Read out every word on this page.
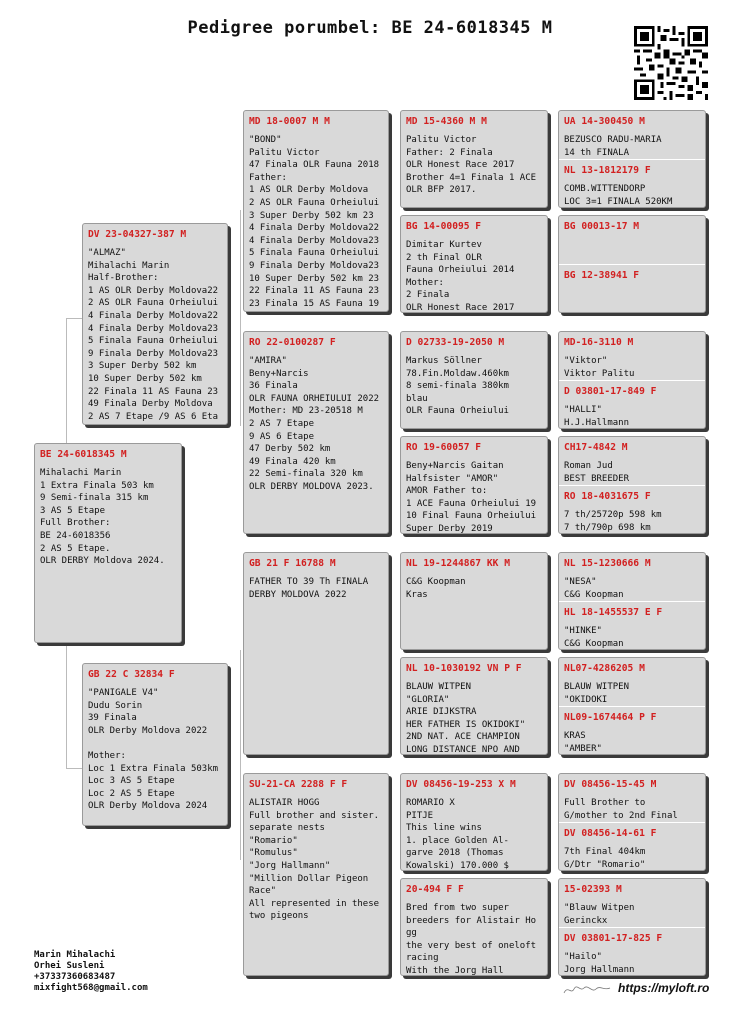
Pedigree porumbel: BE 24-6018345 M
BE 24-6018345 M
Mihalachi Marin
1 Extra Finala 503 km
9 Semi-finala 315 km
3 AS 5 Etape
Full Brother:
BE 24-6018356
2 AS 5 Etape.
OLR DERBY Moldova 2024.
DV 23-04327-387 M
"ALMAZ"
Mihalachi Marin
Half-Brother:
1 AS OLR Derby Moldova22
2 AS OLR Fauna Orheiului
4 Finala Derby Moldova22
4 Finala Derby Moldova23
5 Finala Fauna Orheiului
9 Finala Derby Moldova23
3 Super Derby 502 km
10 Super Derby 502 km
22 Finala 11 AS Fauna 23
49 Finala Derby Moldova
2 AS 7 Etape /9 AS 6 Eta
GB 22 C 32834 F
"PANIGALE V4"
Dudu Sorin
39 Finala
OLR Derby Moldova 2022

Mother:
Loc 1 Extra Finala 503km
Loc 3 AS 5 Etape
Loc 2 AS 5 Etape
OLR Derby Moldova 2024
MD 18-0007 M M
"BOND"
Palitu Victor
47 Finala OLR Fauna 2018
Father:
1 AS OLR Derby Moldova
2 AS OLR Fauna Orheiului
3 Super Derby 502 km 23
4 Finala Derby Moldova22
4 Finala Derby Moldova23
5 Finala Fauna Orheiului
9 Finala Derby Moldova23
10 Super Derby 502 km 23
22 Finala 11 AS Fauna 23
23 Finala 15 AS Fauna 19
RO 22-0100287 F
"AMIRA"
Beny+Narcis
36 Finala
OLR FAUNA ORHEIULUI 2022
Mother: MD 23-20518 M
2 AS 7 Etape
9 AS 6 Etape
47 Derby 502 km
49 Finala 420 km
22 Semi-finala 320 km
OLR DERBY MOLDOVA 2023.
GB 21 F 16788 M
FATHER TO 39 Th FINALA
DERBY MOLDOVA 2022
SU-21-CA 2288 F F
ALISTAIR HOGG
Full brother and sister.
separate nests
"Romario"
"Romulus"
"Jorg Hallmann"
"Million Dollar Pigeon
Race"
All represented in these
two pigeons
MD 15-4360 M M
Palitu Victor
Father: 2 Finala
OLR Honest Race 2017
Brother 4=1 Finala 1 ACE
OLR BFP 2017.
BG 14-00095 F
Dimitar Kurtev
2 th Final OLR
Fauna Orheiului 2014
Mother:
2 Finala
OLR Honest Race 2017
D 02733-19-2050 M
Markus Söllner
78.Fin.Moldaw.460km
8 semi-finala 380km
blau
OLR Fauna Orheiului
RO 19-60057 F
Beny+Narcis Gaitan
Halfsister "AMOR"
AMOR Father to:
1 ACE Fauna Orheiului 19
10 Final Fauna Orheiului
Super Derby 2019
NL 19-1244867 KK M
C&G Koopman
Kras
NL 10-1030192 VN P F
BLAUW WITPEN
"GLORIA"
ARIE DIJKSTRA
HER FATHER IS OKIDOKI"
2ND NAT. ACE CHAMPION
LONG DISTANCE NPO AND
DV 08456-19-253 X M
ROMARIO X
PITJE
This line wins
1. place Golden Al-
garve 2018 (Thomas
Kowalski) 170.000 $
20-494 F F
Bred from two super
breeders for Alistair Ho
gg
the very best of oneloft
racing
With the Jorg Hall
UA 14-300450 M
BEZUSCO RADU-MARIA
14 th FINALA
NL 13-1812179 F
COMB.WITTENDORP
LOC 3=1 FINALA 520KM
BG 00013-17 M
BG 12-38941 F
MD-16-3110 M
"Viktor"
Viktor Palitu
D 03801-17-849 F
"HALLI"
H.J.Hallmann
CH17-4842 M
Roman Jud
BEST BREEDER
RO 18-4031675 F
7 th/25720p 598 km
7 th/790p 698 km
NL 15-1230666 M
"NESA"
C&G Koopman
HL 18-1455537 E F
"HINKE"
C&G Koopman
NL07-4286205 M
BLAUW WITPEN
"OKIDOKI
NL09-1674464 P F
KRAS
"AMBER"
DV 08456-15-45 M
Full Brother to
G/mother to 2nd Final
DV 08456-14-61 F
7th Final 404km
G/Dtr "Romario"
15-02393 M
"Blauw Witpen
Gerinckx
DV 03801-17-825 F
"Hailo"
Jorg Hallmann
Marin Mihalachi
Orhei Susleni
+37337360683487
mixfight568@gmail.com	https://myloft.ro
